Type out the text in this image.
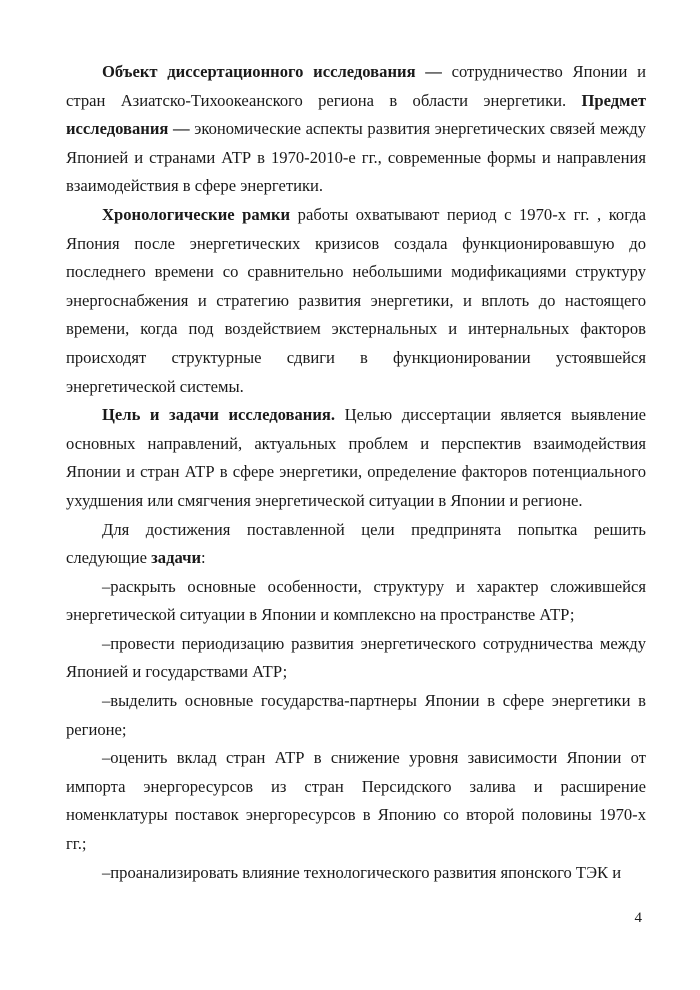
Объект диссертационного исследования — сотрудничество Японии и стран Азиатско-Тихоокеанского региона в области энергетики. Предмет исследования — экономические аспекты развития энергетических связей между Японией и странами АТР в 1970-2010-е гг., современные формы и направления взаимодействия в сфере энергетики.

Хронологические рамки работы охватывают период с 1970-х гг. , когда Япония после энергетических кризисов создала функционировавшую до последнего времени со сравнительно небольшими модификациями структуру энергоснабжения и стратегию развития энергетики, и вплоть до настоящего времени, когда под воздействием экстернальных и интернальных факторов происходят структурные сдвиги в функционировании устоявшейся энергетической системы.

Цель и задачи исследования. Целью диссертации является выявление основных направлений, актуальных проблем и перспектив взаимодействия Японии и стран АТР в сфере энергетики, определение факторов потенциального ухудшения или смягчения энергетической ситуации в Японии и регионе.

Для достижения поставленной цели предпринята попытка решить следующие задачи:

–раскрыть основные особенности, структуру и характер сложившейся энергетической ситуации в Японии и комплексно на пространстве АТР;

–провести периодизацию развития энергетического сотрудничества между Японией и государствами АТР;

–выделить основные государства-партнеры Японии в сфере энергетики в регионе;

–оценить вклад стран АТР в снижение уровня зависимости Японии от импорта энергоресурсов из стран Персидского залива и расширение номенклатуры поставок энергоресурсов в Японию со второй половины 1970-х гг.;

–проанализировать влияние технологического развития японского ТЭК и

4
